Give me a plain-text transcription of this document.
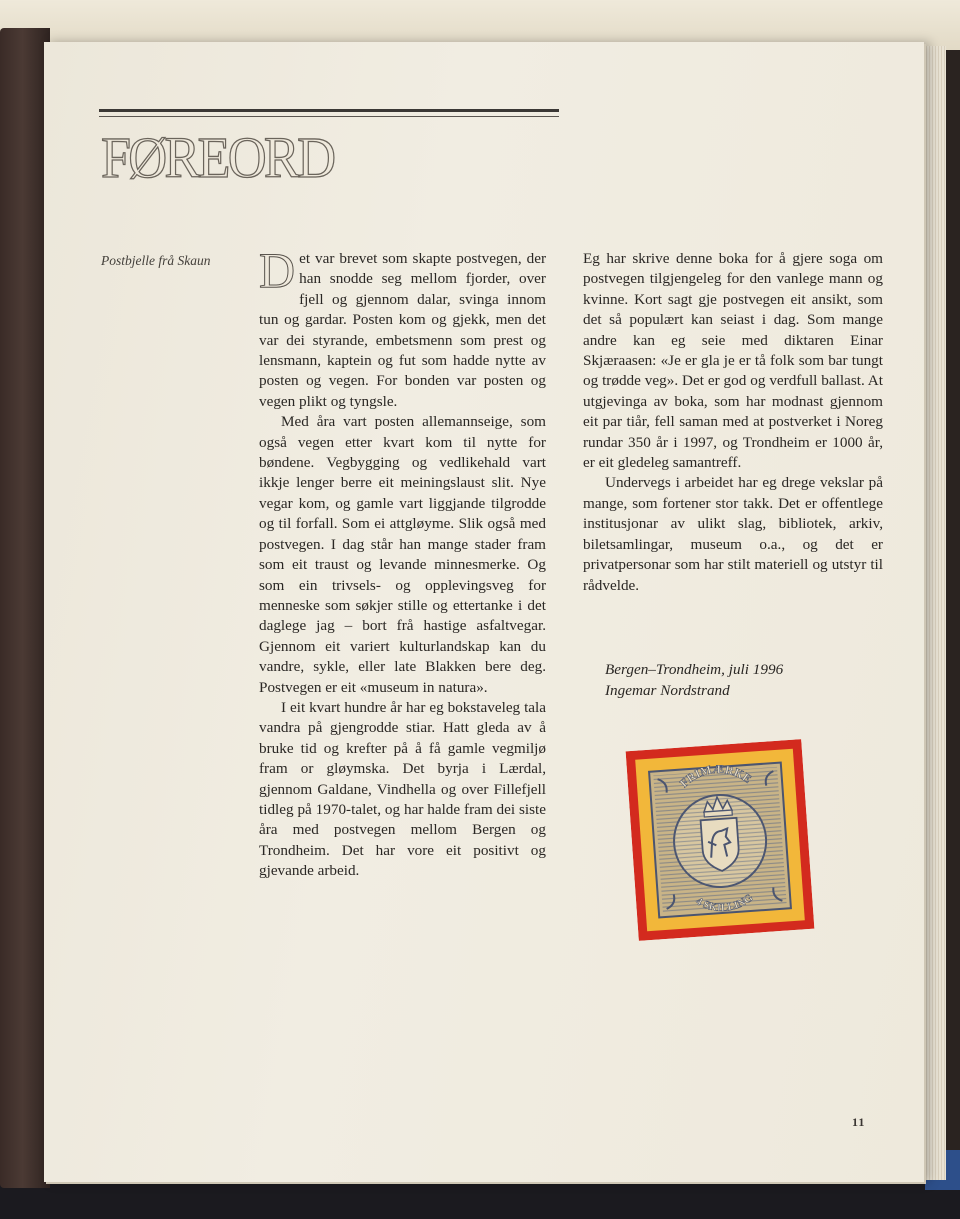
FØREORD
Postbjelle frå Skaun Det var brevet som skapte postvegen, der han snodde seg mellom fjorder, over fjell og gjennom dalar, svinga innom tun og gardar. Posten kom og gjekk, men det var dei styrande, embetsmenn som prest og lensmann, kaptein og fut som hadde nytte av posten og vegen. For bonden var posten og vegen plikt og tyngsle.

Med åra vart posten allemannseige, som også vegen etter kvart kom til nytte for bøndene. Vegbygging og vedlikehald vart ikkje lenger berre eit meiningslaust slit. Nye vegar kom, og gamle vart liggjande tilgrodde og til forfall. Som ei attgløyme. Slik også med postvegen. I dag står han mange stader fram som eit traust og levande minnesmerke. Og som ein trivsels- og opplevingsveg for menneske som søkjer stille og ettertanke i det daglege jag – bort frå hastige asfaltvegar. Gjennom eit variert kulturlandskap kan du vandre, sykle, eller late Blakken bere deg. Postvegen er eit «museum in natura».

I eit kvart hundre år har eg bokstaveleg tala vandra på gjengrodde stiar. Hatt gleda av å bruke tid og krefter på å få gamle vegmiljø fram or gløymska. Det byrja i Lærdal, gjennom Galdane, Vindhella og over Fillefjell tidleg på 1970-talet, og har halde fram dei siste åra med postvegen mellom Bergen og Trondheim. Det har vore eit positivt og gjevande arbeid.

Eg har skrive denne boka for å gjere soga om postvegen tilgjengeleg for den vanlege mann og kvinne. Kort sagt gje postvegen eit ansikt, som det så populært kan seiast i dag. Som mange andre kan eg seie med diktaren Einar Skjæraasen: «Je er gla je er tå folk som bar tungt og trødde veg». Det er god og verdfull ballast. At utgjevinga av boka, som har modnast gjennom eit par tiår, fell saman med at postverket i Noreg rundar 350 år i 1997, og Trondheim er 1000 år, er eit gledeleg samantreff.

Undervegs i arbeidet har eg drege vekslar på mange, som fortener stor takk. Det er offentlege institusjonar av ulikt slag, bibliotek, arkiv, biletsamlingar, museum o.a., og det er privatpersonar som har stilt materiell og utstyr til rådvelde.

Bergen–Trondheim, juli 1996
Ingemar Nordstrand
FRIMÆRKE
4 SKILLING
11
